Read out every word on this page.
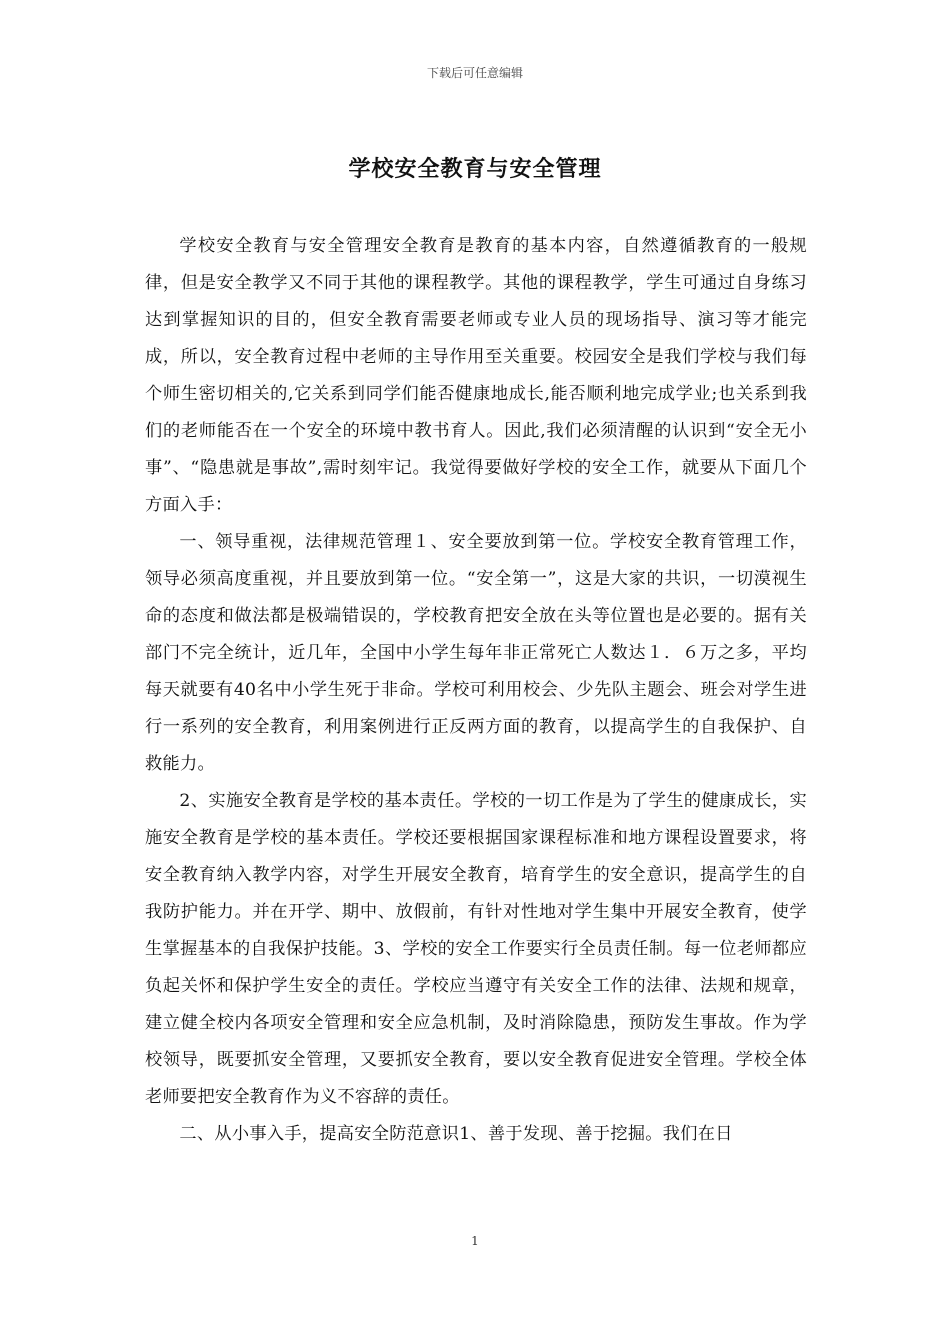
下载后可任意编辑
学校安全教育与安全管理

学校安全教育与安全管理安全教育是教育的基本内容，自然遵循教育的一般规律，但是安全教学又不同于其他的课程教学。其他的课程教学，学生可通过自身练习达到掌握知识的目的，但安全教育需要老师或专业人员的现场指导、演习等才能完成，所以，安全教育过程中老师的主导作用至关重要。校园安全是我们学校与我们每个师生密切相关的,它关系到同学们能否健康地成长,能否顺利地完成学业;也关系到我们的老师能否在一个安全的环境中教书育人。因此,我们必须清醒的认识到“安全无小事”、“隐患就是事故”,需时刻牢记。我觉得要做好学校的安全工作，就要从下面几个方面入手：

一、领导重视，法律规范管理１、安全要放到第一位。学校安全教育管理工作，领导必须高度重视，并且要放到第一位。“安全第一”，这是大家的共识，一切漠视生命的态度和做法都是极端错误的，学校教育把安全放在头等位置也是必要的。据有关部门不完全统计，近几年，全国中小学生每年非正常死亡人数达１．６万之多，平均每天就要有40名中小学生死于非命。学校可利用校会、少先队主题会、班会对学生进行一系列的安全教育，利用案例进行正反两方面的教育，以提高学生的自我保护、自救能力。

2、实施安全教育是学校的基本责任。学校的一切工作是为了学生的健康成长，实施安全教育是学校的基本责任。学校还要根据国家课程标准和地方课程设置要求，将安全教育纳入教学内容，对学生开展安全教育，培育学生的安全意识，提高学生的自我防护能力。并在开学、期中、放假前，有针对性地对学生集中开展安全教育，使学生掌握基本的自我保护技能。3、学校的安全工作要实行全员责任制。每一位老师都应负起关怀和保护学生安全的责任。学校应当遵守有关安全工作的法律、法规和规章，建立健全校内各项安全管理和安全应急机制，及时消除隐患，预防发生事故。作为学校领导，既要抓安全管理，又要抓安全教育，要以安全教育促进安全管理。学校全体老师要把安全教育作为义不容辞的责任。

二、从小事入手，提高安全防范意识1、善于发现、善于挖掘。我们在日

1
